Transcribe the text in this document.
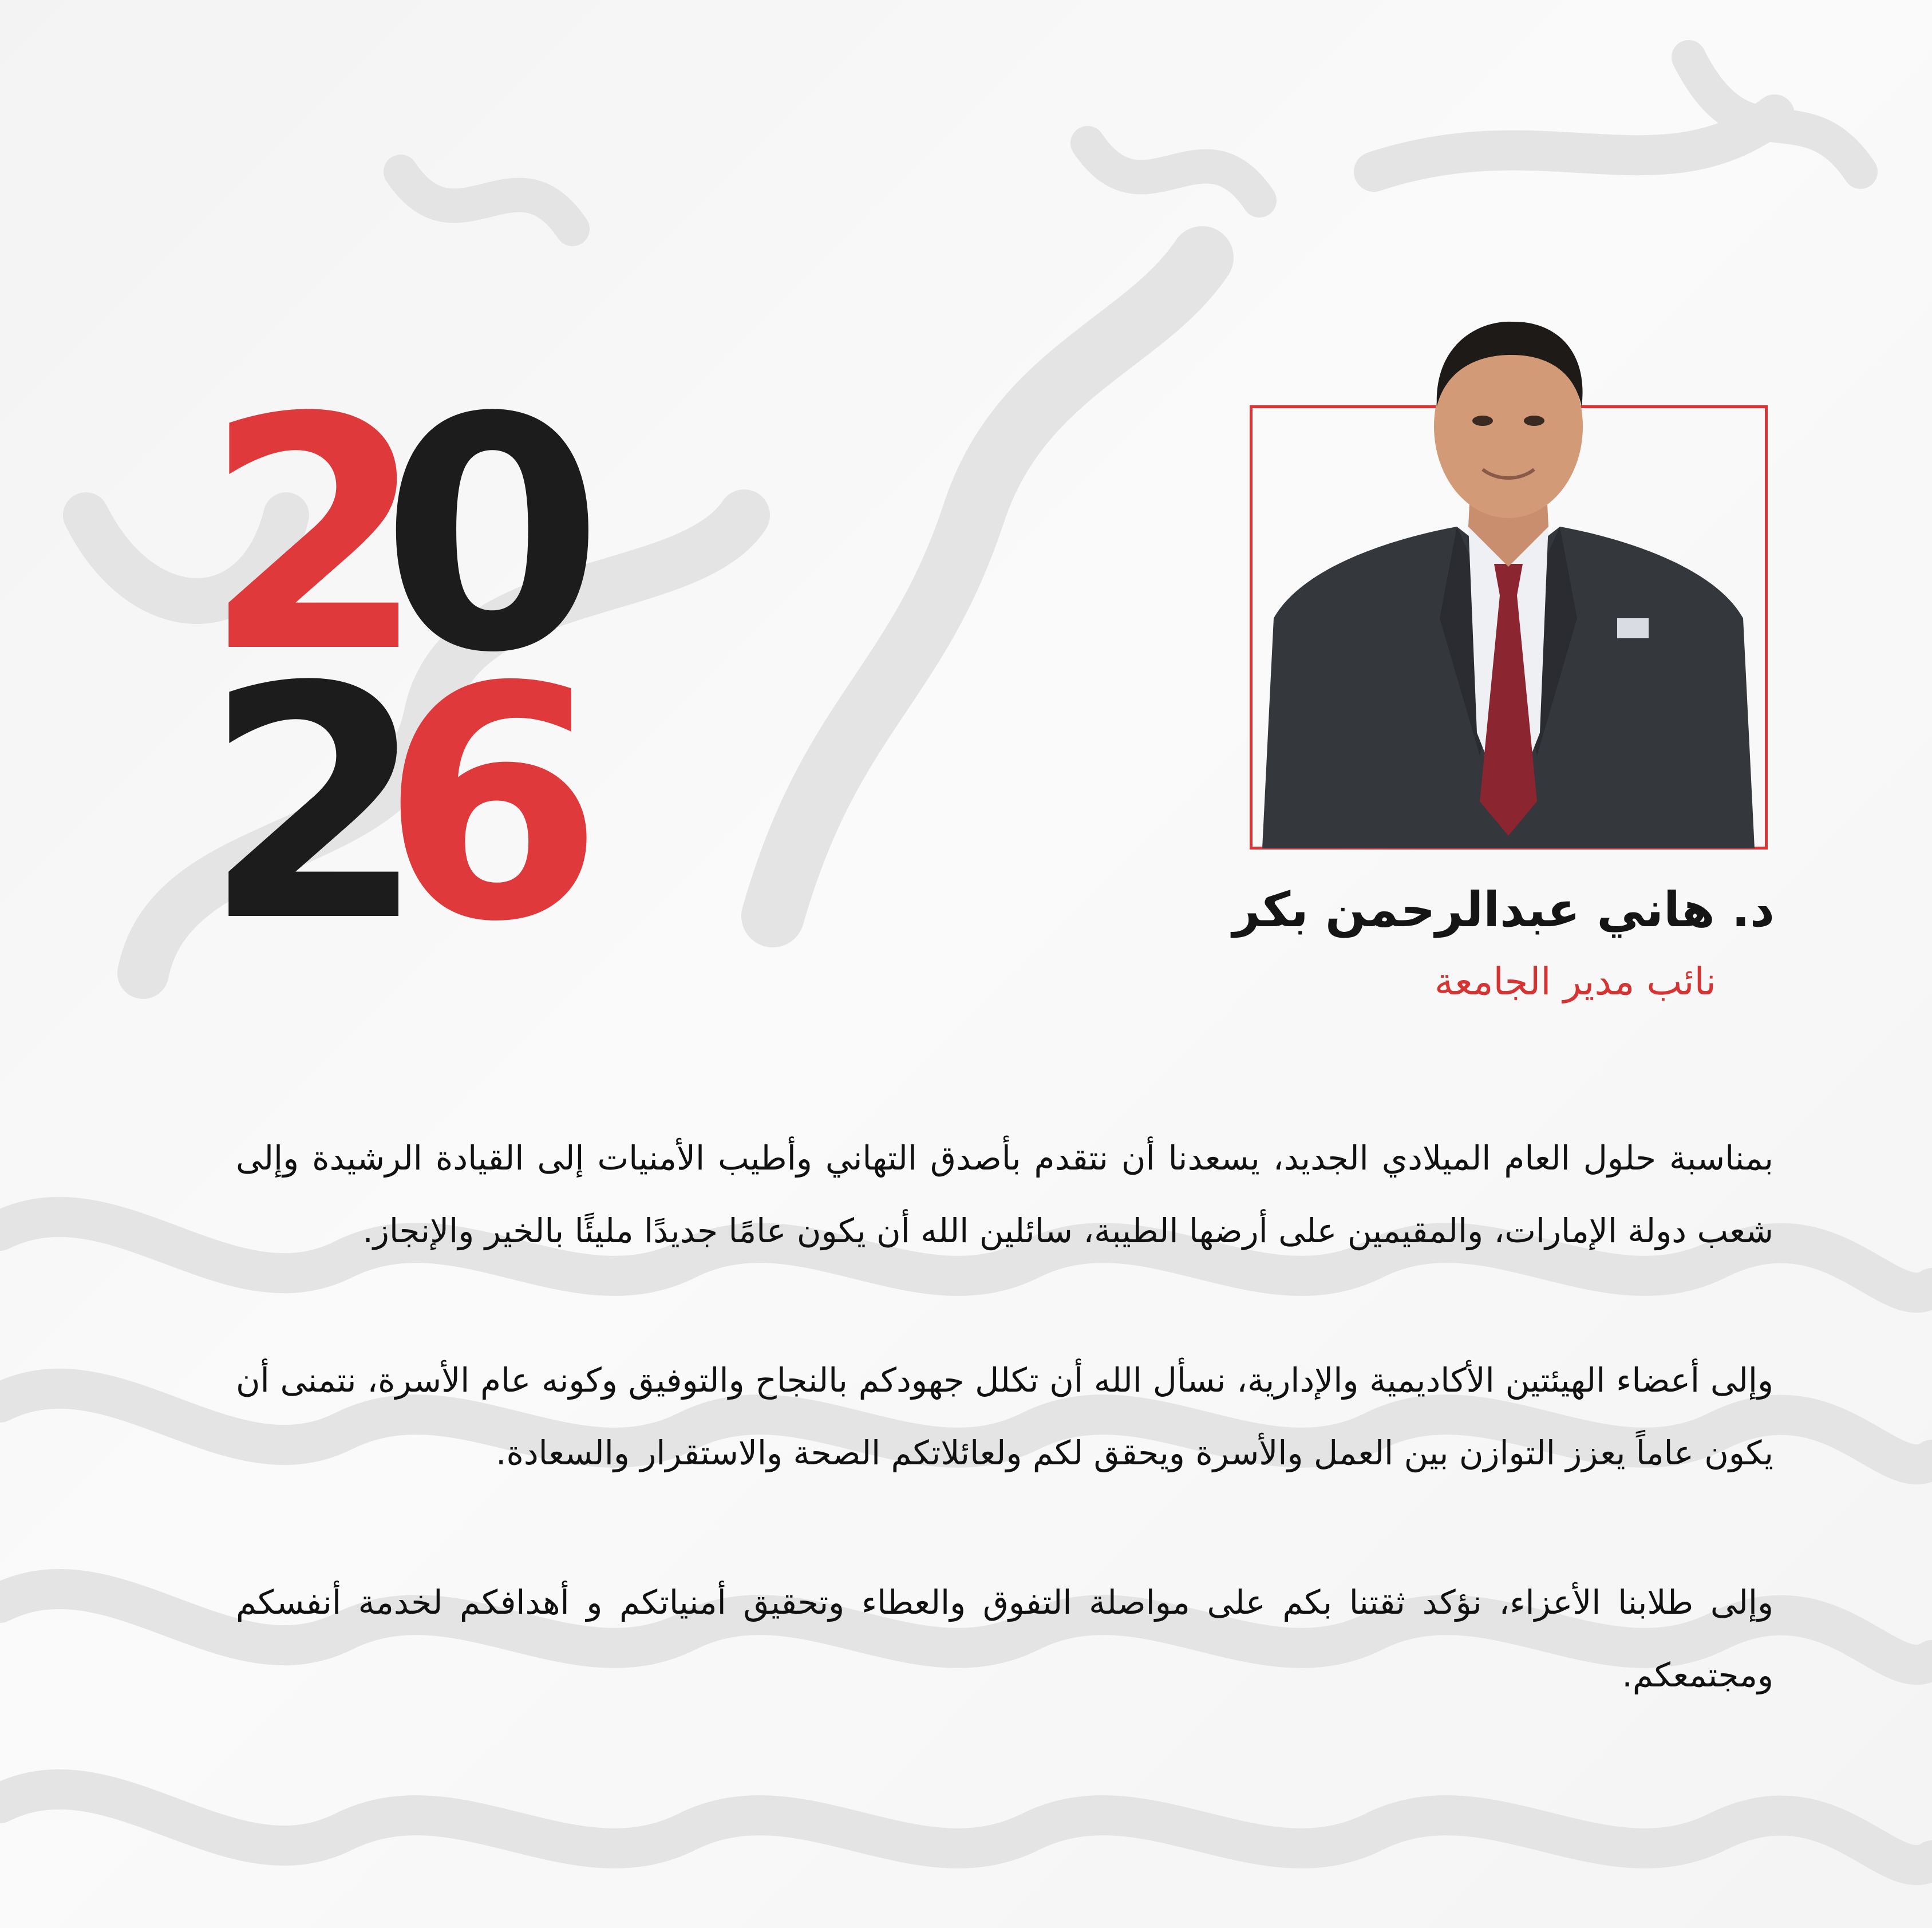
2
0
2
6	د. هاني عبدالرحمن بكر
نائب مدير الجامعة

بمناسبة حلول العام الميلادي الجديد، يسعدنا أن نتقدم بأصدق التهاني وأطيب الأمنيات إلى القيادة الرشيدة وإلى شعب دولة الإمارات، والمقيمين على أرضها الطيبة، سائلين الله أن يكون عامًا جديدًا مليئًا بالخير والإنجاز.

وإلى أعضاء الهيئتين الأكاديمية والإدارية، نسأل الله أن تكلل جهودكم بالنجاح والتوفيق وكونه عام الأسرة، نتمنى أن يكون عاماً يعزز التوازن بين العمل والأسرة ويحقق لكم ولعائلاتكم الصحة والاستقرار والسعادة.

وإلى طلابنا الأعزاء، نؤكد ثقتنا بكم على مواصلة التفوق والعطاء وتحقيق أمنياتكم و أهدافكم لخدمة أنفسكم ومجتمعكم.
